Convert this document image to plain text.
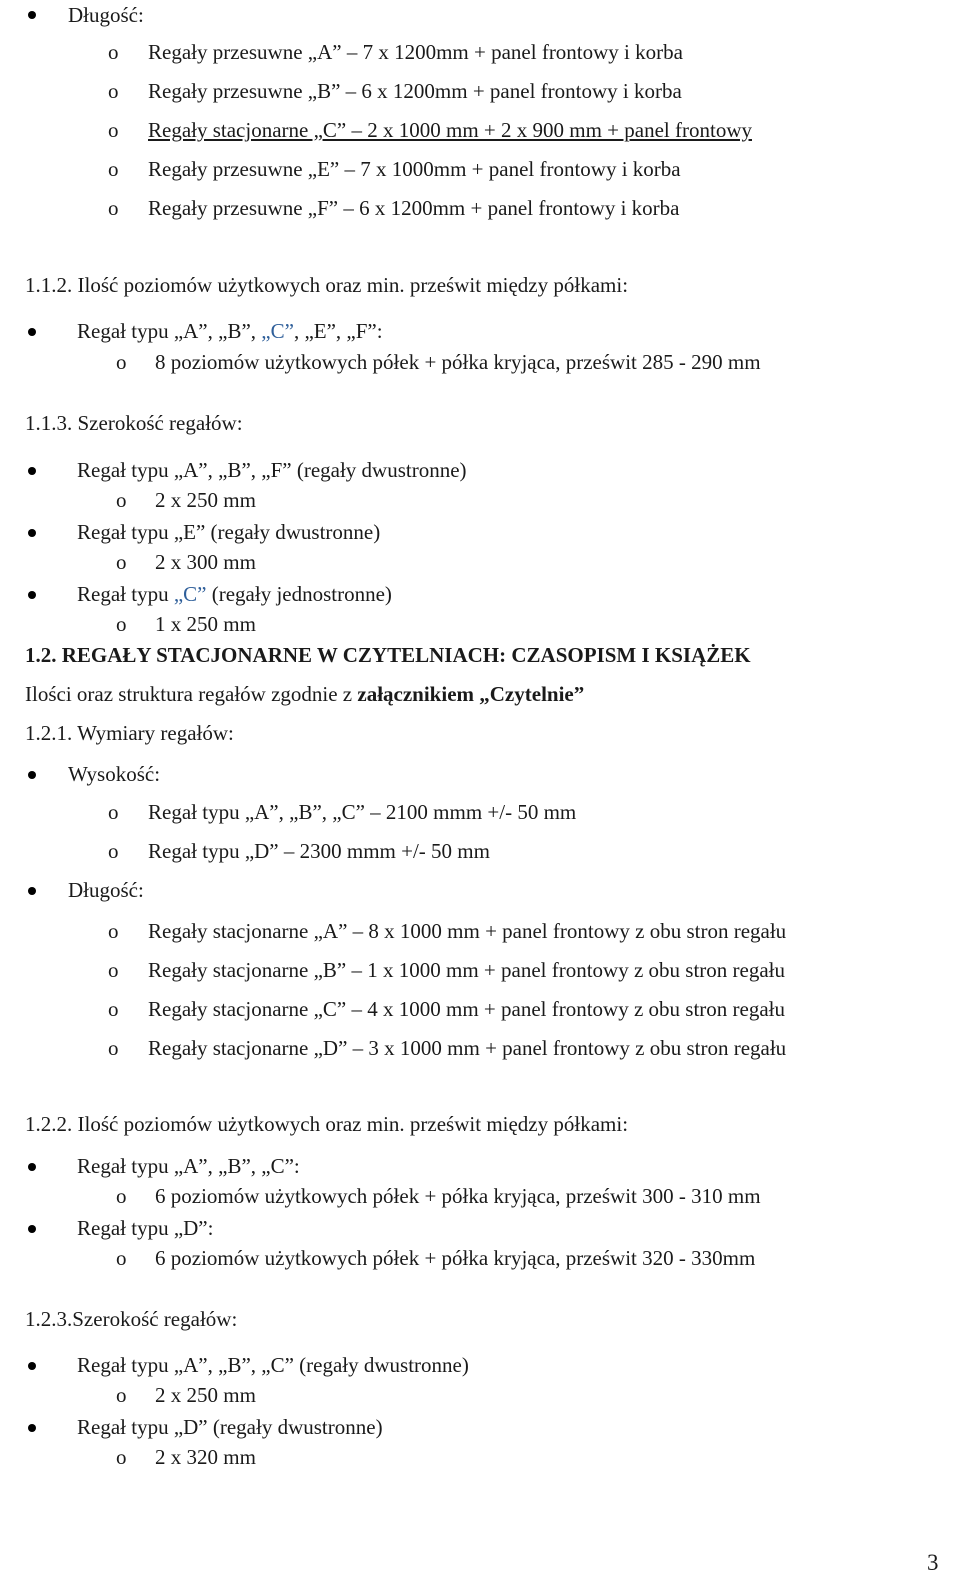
Długość:
o Regały przesuwne „A” – 7 x 1200mm + panel frontowy i korba
o Regały przesuwne „B” – 6 x 1200mm + panel frontowy i korba
o Regały stacjonarne „C” – 2 x 1000 mm + 2 x 900 mm + panel frontowy
o Regały przesuwne „E” – 7 x 1000mm + panel frontowy i korba
o Regały przesuwne „F” – 6 x 1200mm + panel frontowy i korba
1.1.2. Ilość poziomów użytkowych oraz min. prześwit między półkami:
Regał typu „A”, „B”, „C”, „E”, „F”:
o 8 poziomów użytkowych półek + półka kryjąca, prześwit 285 - 290 mm
1.1.3. Szerokość regałów:
Regał typu „A”, „B”, „F” (regały dwustronne)
o 2 x 250 mm
Regał typu „E” (regały dwustronne)
o 2 x 300 mm
Regał typu „C” (regały jednostronne)
o 1 x 250 mm
1.2. REGAŁY STACJONARNE W CZYTELNIACH: CZASOPISM I KSIĄŻEK
Ilości oraz struktura regałów zgodnie z załącznikiem „Czytelnie”
1.2.1. Wymiary regałów:
Wysokość:
o Regał typu „A”, „B”, „C” – 2100 mmm +/- 50 mm
o Regał typu „D” – 2300 mmm +/- 50 mm
Długość:
o Regały stacjonarne „A” – 8 x 1000 mm + panel frontowy z obu stron regału
o Regały stacjonarne „B” – 1 x 1000 mm + panel frontowy z obu stron regału
o Regały stacjonarne „C” – 4 x 1000 mm + panel frontowy z obu stron regału
o Regały stacjonarne „D” – 3 x 1000 mm + panel frontowy z obu stron regału
1.2.2. Ilość poziomów użytkowych oraz min. prześwit między półkami:
Regał typu „A”, „B”, „C”:
o 6 poziomów użytkowych półek + półka kryjąca, prześwit 300 - 310 mm
Regał typu „D”:
o 6 poziomów użytkowych półek + półka kryjąca, prześwit 320 - 330mm
1.2.3.Szerokość regałów:
Regał typu „A”, „B”, „C” (regały dwustronne)
o 2 x 250 mm
Regał typu „D” (regały dwustronne)
o 2 x 320 mm
3
